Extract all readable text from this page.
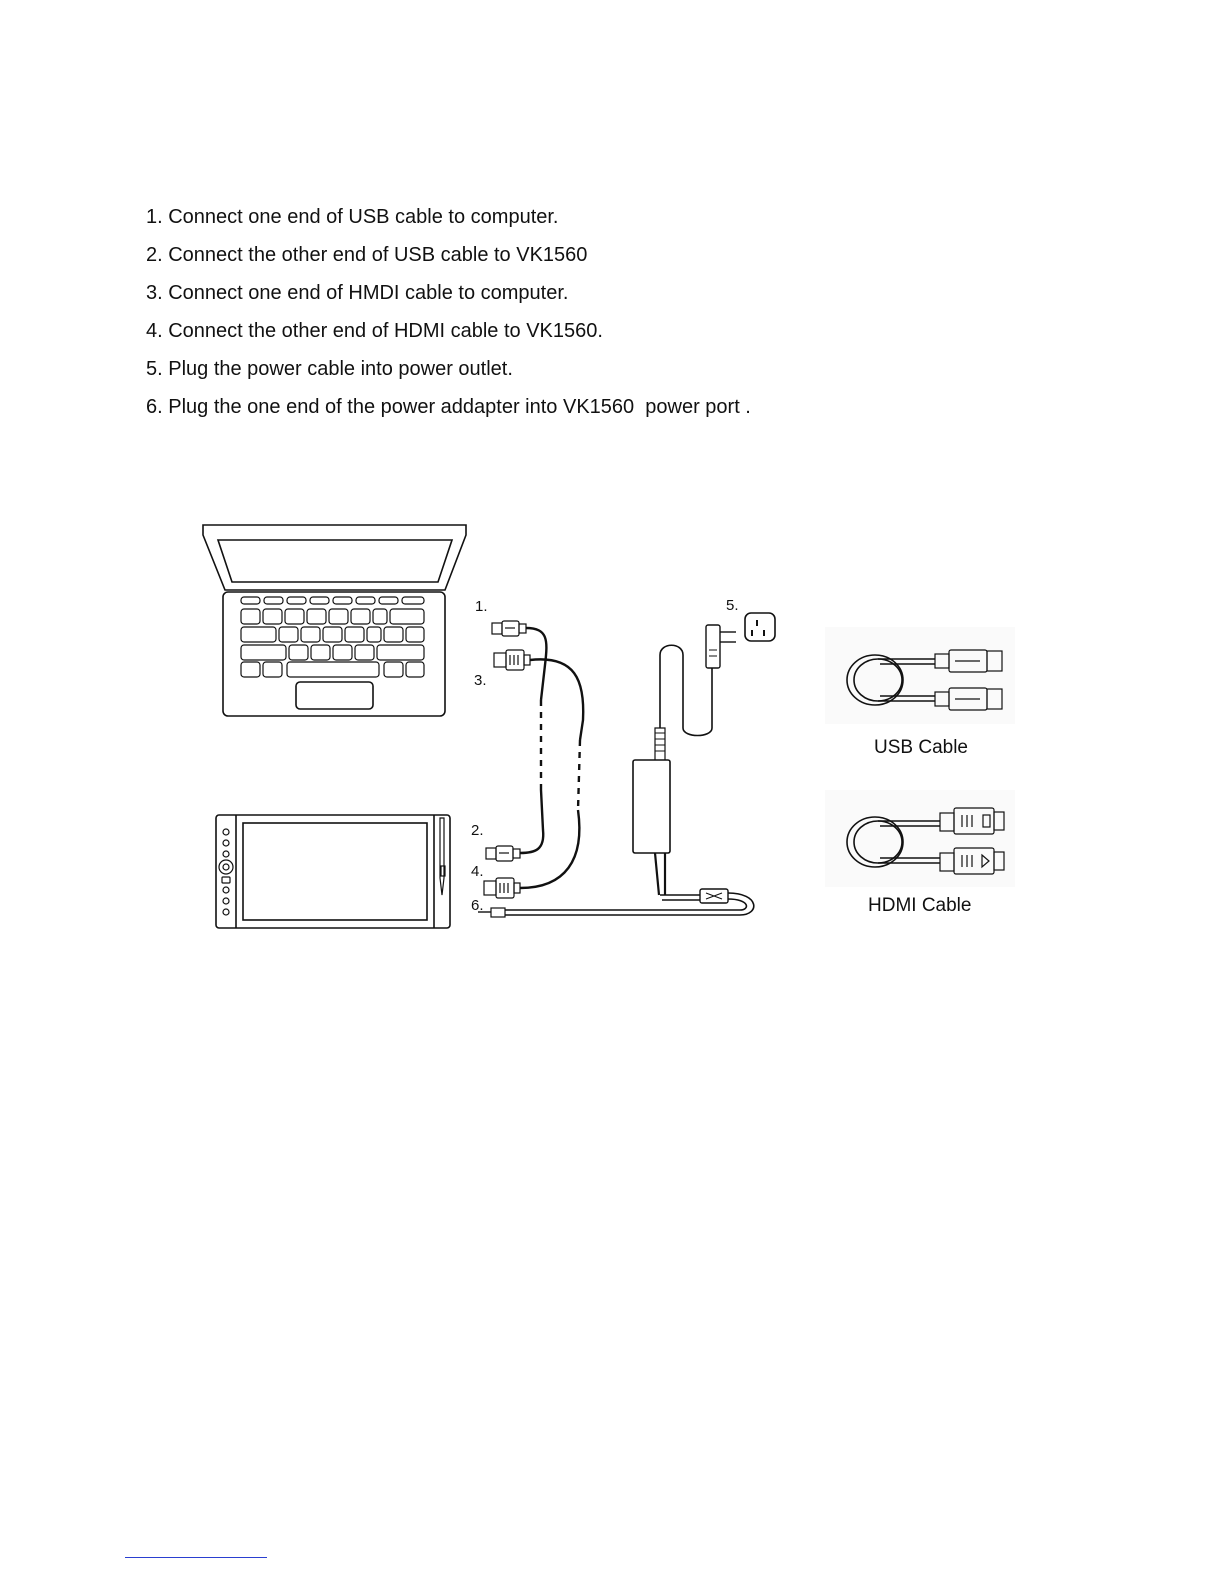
1. Connect one end of USB cable to computer.
2. Connect the other end of USB cable to VK1560
3. Connect one end of HMDI cable to computer.
4. Connect the other end of HDMI cable to VK1560.
5. Plug the power cable into power outlet.
6. Plug the one end of the power addapter into VK1560  power port .
1.
3.
2.
4.
6.
5.
USB Cable
HDMI Cable
